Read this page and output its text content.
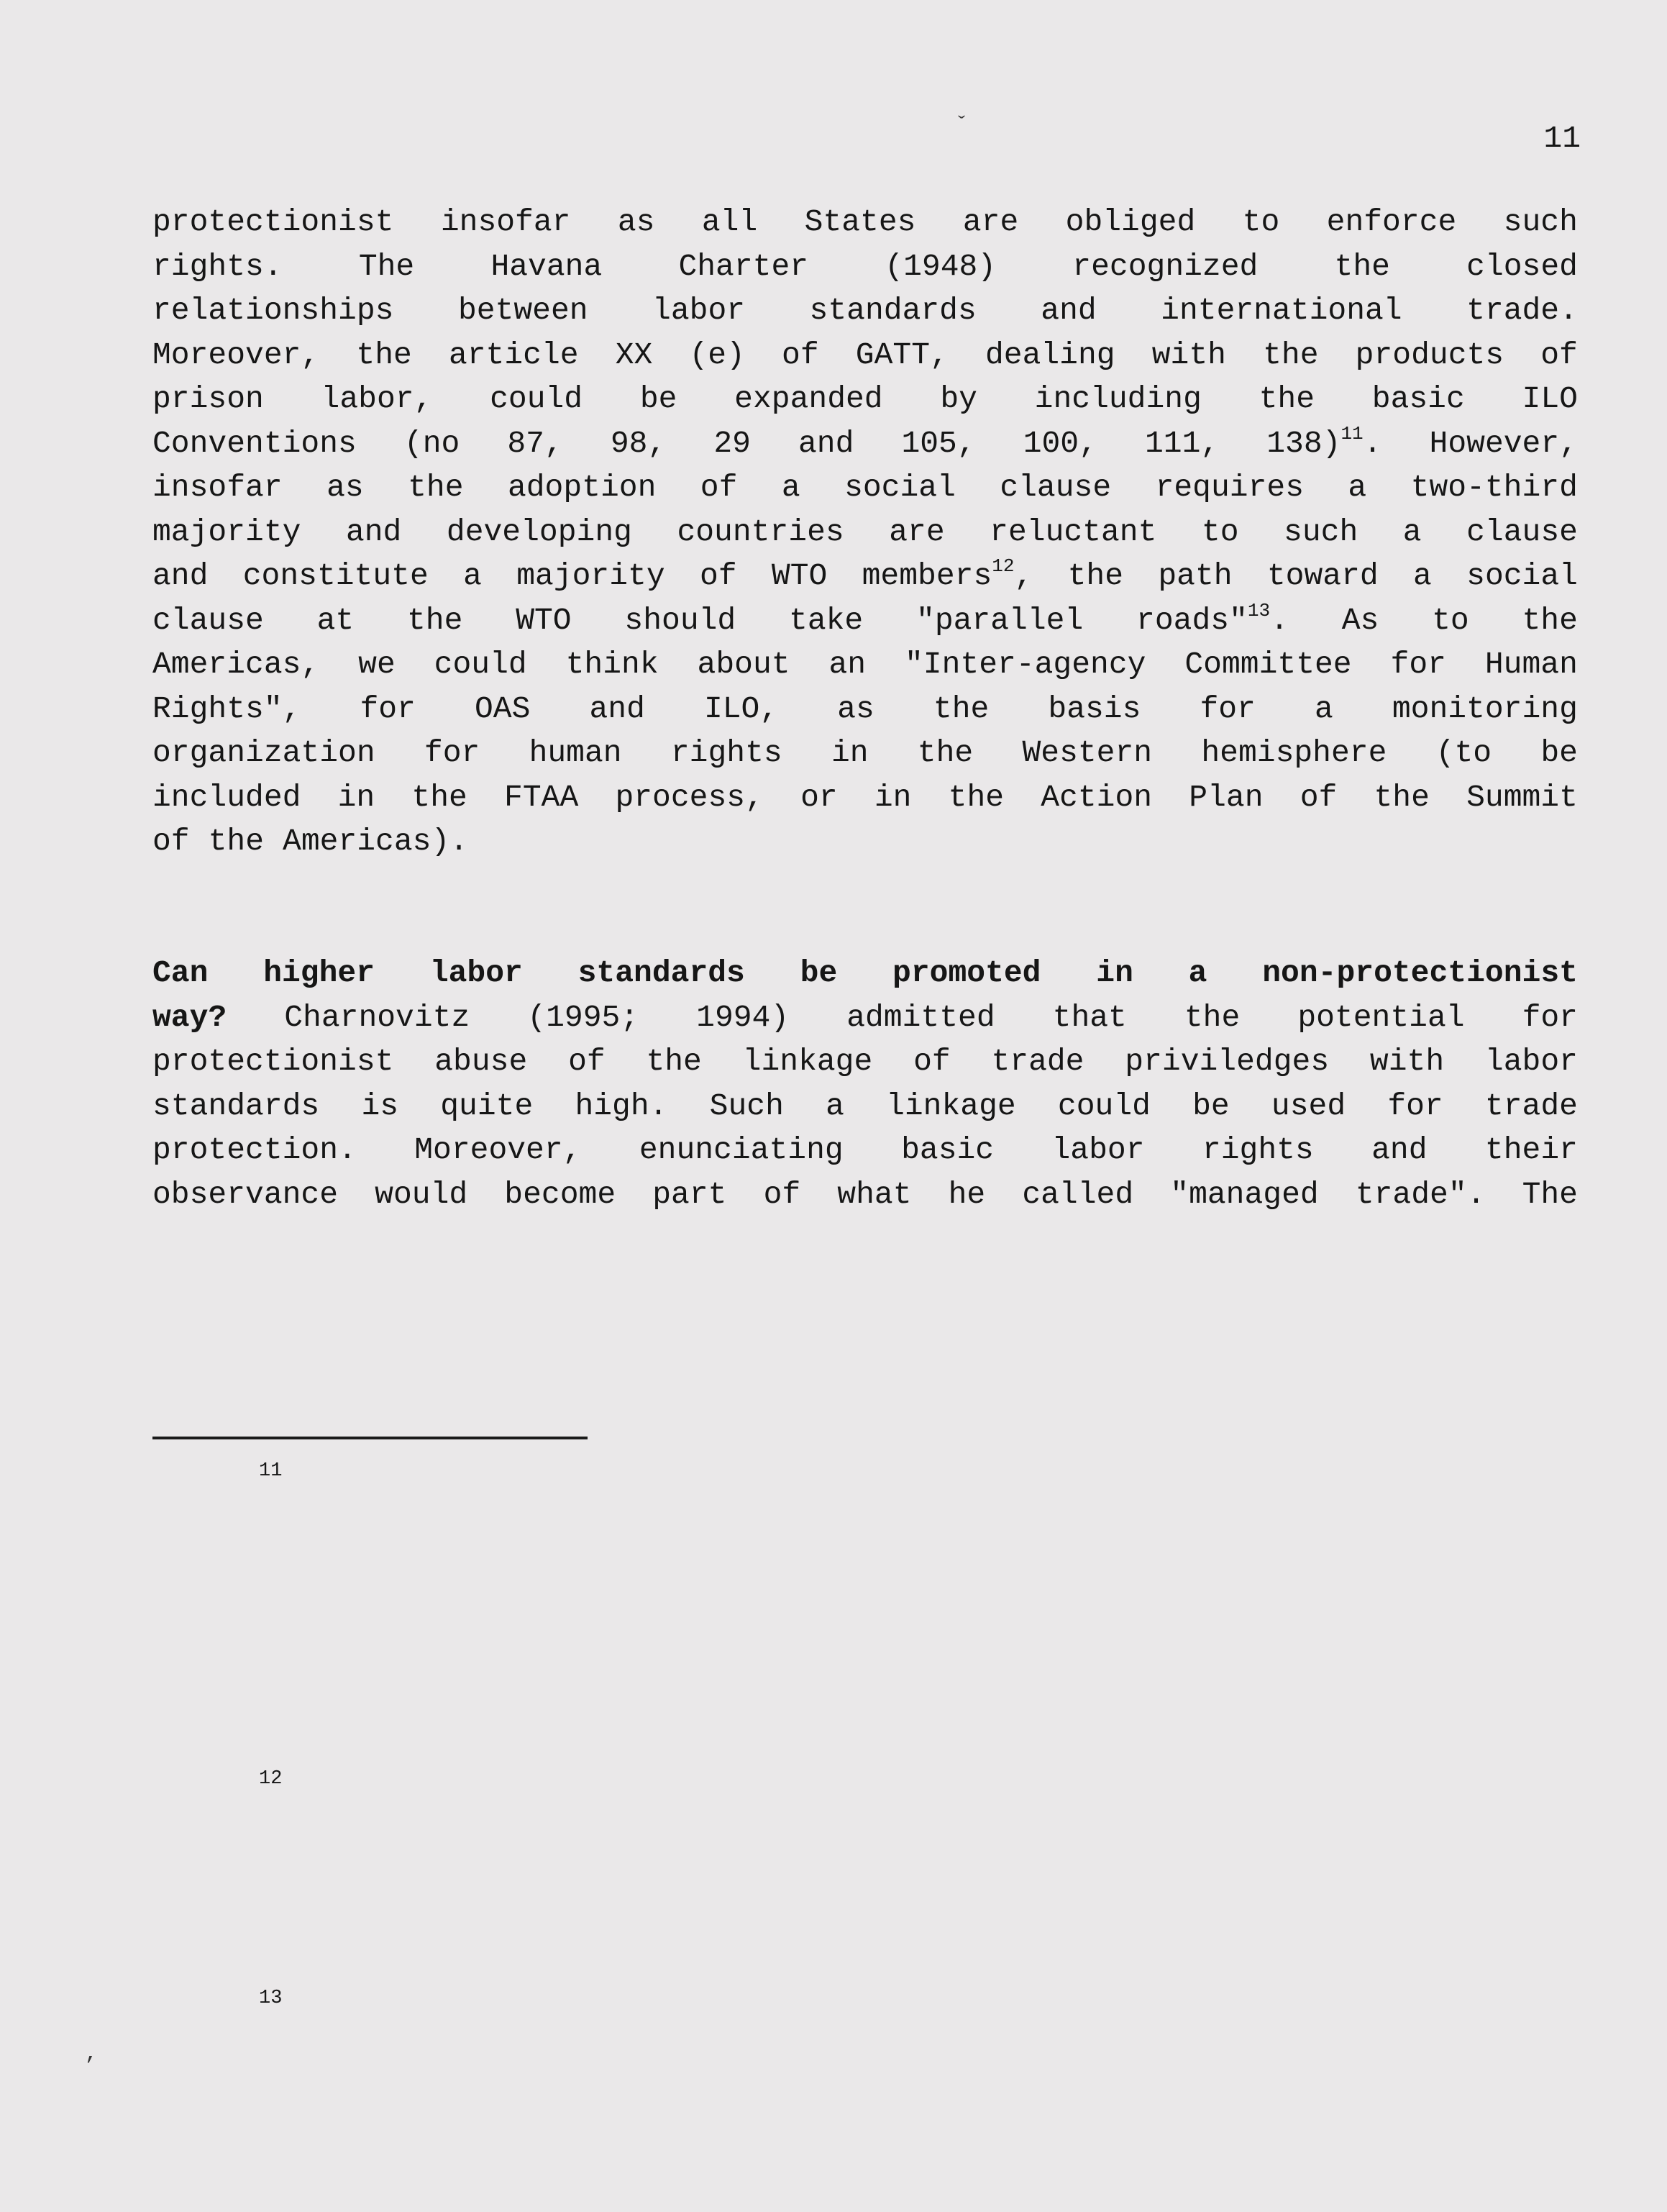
ˇ
,
11
protectionist insofar as all States are obliged to enforce such
rights. The Havana Charter (1948) recognized the closed
relationships between labor standards and international trade.
Moreover, the article XX (e) of GATT, dealing with the products of
prison labor, could be expanded by including the basic ILO
Conventions (no 87, 98, 29 and 105, 100, 111, 138)$^{11}$. However,
insofar as the adoption of a social clause requires a two-third
majority and developing countries are reluctant to such a clause
and constitute a majority of WTO members$^{12}$, the path toward a social
clause at the WTO should take "parallel roads"$^{13}$. As to the
Americas, we could think about an "Inter-agency Committee for Human
Rights", for OAS and ILO, as the basis for a monitoring
organization for human rights in the Western hemisphere (to be
included in the FTAA process, or in the Action Plan of the Summit
of the Americas).
Can higher labor standards be promoted in a non-protectionist
way? Charnovitz (1995; 1994) admitted that the potential for
protectionist abuse of the linkage of trade priviledges with labor
standards is quite high. Such a linkage could be used for trade
protection. Moreover, enunciating basic labor rights and their
observance would become part of what he called "managed trade". The
11
12
13
